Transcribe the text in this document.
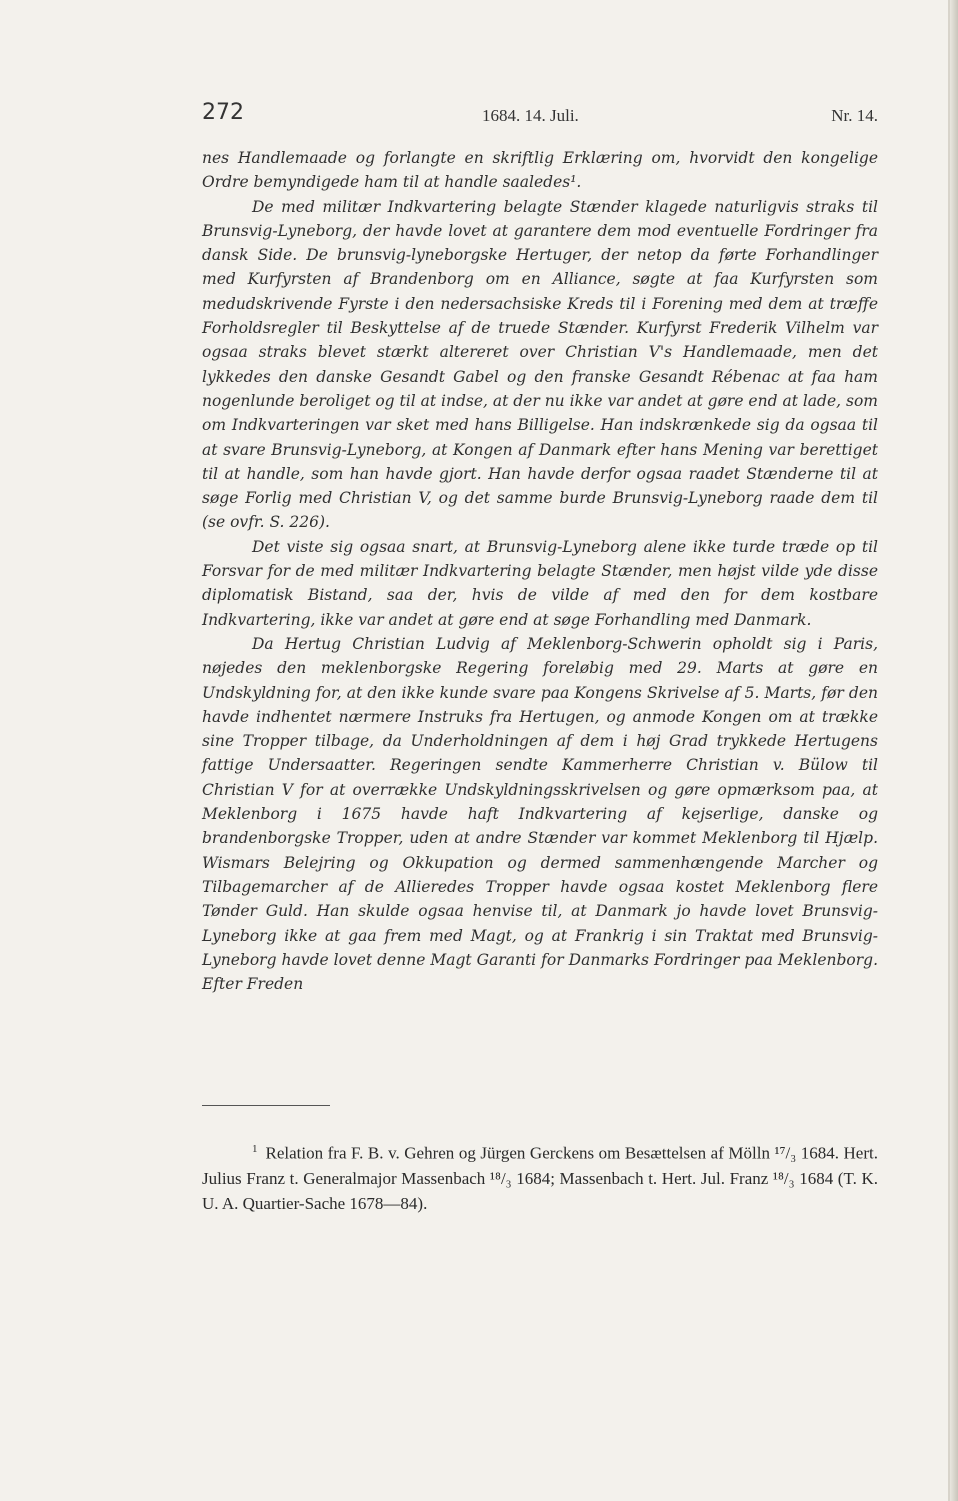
272	1684. 14. Juli.	Nr. 14.

nes Handlemaade og forlangte en skriftlig Erklæring om, hvorvidt den kongelige Ordre bemyndigede ham til at handle saaledes¹.

De med militær Indkvartering belagte Stænder klagede naturligvis straks til Brunsvig-Lyneborg, der havde lovet at garantere dem mod eventuelle Fordringer fra dansk Side. De brunsvig-lyneborgske Hertuger, der netop da førte Forhandlinger med Kurfyrsten af Brandenborg om en Alliance, søgte at faa Kurfyrsten som medudskrivende Fyrste i den nedersachsiske Kreds til i Forening med dem at træffe Forholdsregler til Beskyttelse af de truede Stænder. Kurfyrst Frederik Vilhelm var ogsaa straks blevet stærkt altereret over Christian V's Handlemaade, men det lykkedes den danske Gesandt Gabel og den franske Gesandt Rébenac at faa ham nogenlunde beroliget og til at indse, at der nu ikke var andet at gøre end at lade, som om Indkvarteringen var sket med hans Billigelse. Han indskrænkede sig da ogsaa til at svare Brunsvig-Lyneborg, at Kongen af Danmark efter hans Mening var berettiget til at handle, som han havde gjort. Han havde derfor ogsaa raadet Stænderne til at søge Forlig med Christian V, og det samme burde Brunsvig-Lyneborg raade dem til (se ovfr. S. 226).

Det viste sig ogsaa snart, at Brunsvig-Lyneborg alene ikke turde træde op til Forsvar for de med militær Indkvartering belagte Stænder, men højst vilde yde disse diplomatisk Bistand, saa der, hvis de vilde af med den for dem kostbare Indkvartering, ikke var andet at gøre end at søge Forhandling med Danmark.

Da Hertug Christian Ludvig af Meklenborg-Schwerin opholdt sig i Paris, nøjedes den meklenborgske Regering foreløbig med 29. Marts at gøre en Undskyldning for, at den ikke kunde svare paa Kongens Skrivelse af 5. Marts, før den havde indhentet nærmere Instruks fra Hertugen, og anmode Kongen om at trække sine Tropper tilbage, da Underholdningen af dem i høj Grad trykkede Hertugens fattige Undersaatter. Regeringen sendte Kammerherre Christian v. Bülow til Christian V for at overrække Undskyldningsskrivelsen og gøre opmærksom paa, at Meklenborg i 1675 havde haft Indkvartering af kejserlige, danske og brandenborgske Tropper, uden at andre Stænder var kommet Meklenborg til Hjælp. Wismars Belejring og Okkupation og dermed sammenhængende Marcher og Tilbagemarcher af de Allieredes Tropper havde ogsaa kostet Meklenborg flere Tønder Guld. Han skulde ogsaa henvise til, at Danmark jo havde lovet Brunsvig-Lyneborg ikke at gaa frem med Magt, og at Frankrig i sin Traktat med Brunsvig-Lyneborg havde lovet denne Magt Garanti for Danmarks Fordringer paa Meklenborg. Efter Freden

$^1$ Relation fra F. B. v. Gehren og Jürgen Gerckens om Besættelsen af Mölln ¹⁷/₃ 1684. Hert. Julius Franz t. Generalmajor Massenbach ¹⁸/₃ 1684; Massenbach t. Hert. Jul. Franz ¹⁸/₃ 1684 (T. K. U. A. Quartier-Sache 1678—84).
